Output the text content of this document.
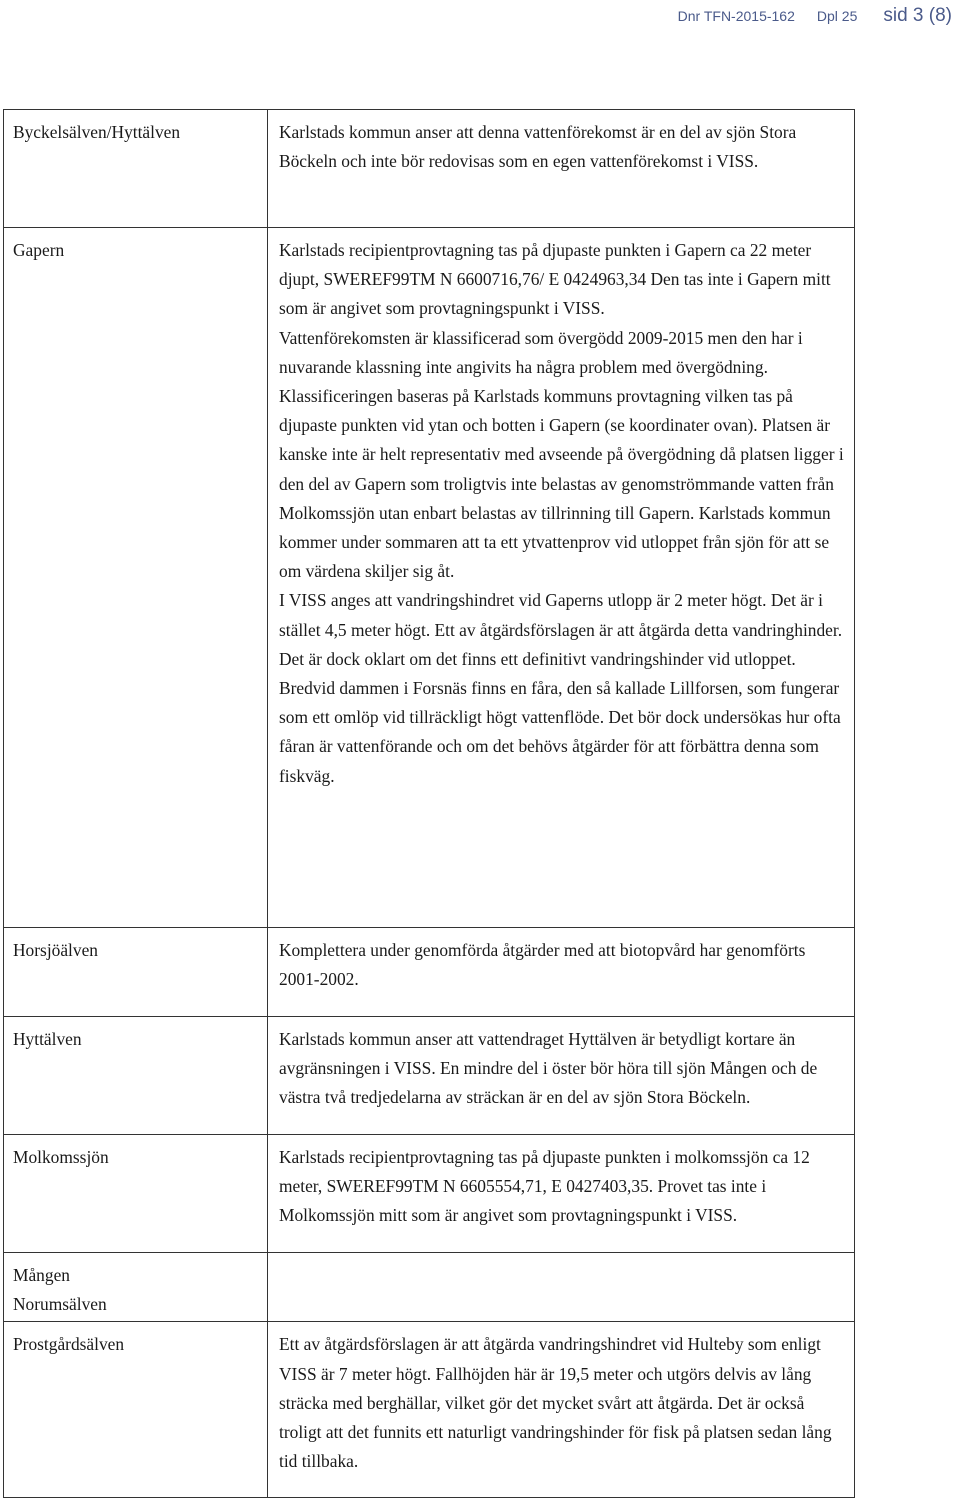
Dnr TFN-2015-162 Dpl 25 sid 3 (8)

Byckelsälven/Hyttälven	Karlstads kommun anser att denna vattenförekomst är en del av sjön Stora Böckeln och inte bör redovisas som en egen vattenförekomst i VISS.

Gapern	Karlstads recipientprovtagning tas på djupaste punkten i Gapern ca 22 meter djupt, SWEREF99TM N 6600716,76/ E 0424963,34 Den tas inte i Gapern mitt som är angivet som provtagningspunkt i VISS.

Vattenförekomsten är klassificerad som övergödd 2009-2015 men den har i nuvarande klassning inte angivits ha några problem med övergödning. Klassificeringen baseras på Karlstads kommuns provtagning vilken tas på djupaste punkten vid ytan och botten i Gapern (se koordinater ovan). Platsen är kanske inte är helt representativ med avseende på övergödning då platsen ligger i den del av Gapern som troligtvis inte belastas av genomströmmande vatten från Molkomssjön utan enbart belastas av tillrinning till Gapern. Karlstads kommun kommer under sommaren att ta ett ytvattenprov vid utloppet från sjön för att se om värdena skiljer sig åt.

I VISS anges att vandringshindret vid Gaperns utlopp är 2 meter högt. Det är i stället 4,5 meter högt. Ett av åtgärdsförslagen är att åtgärda detta vandringhinder. Det är dock oklart om det finns ett definitivt vandringshinder vid utloppet. Bredvid dammen i Forsnäs finns en fåra, den så kallade Lillforsen, som fungerar som ett omlöp vid tillräckligt högt vattenflöde. Det bör dock undersökas hur ofta fåran är vattenförande och om det behövs åtgärder för att förbättra denna som fiskväg.

Horsjöälven	Komplettera under genomförda åtgärder med att biotopvård har genomförts 2001-2002.

Hyttälven	Karlstads kommun anser att vattendraget Hyttälven är betydligt kortare än avgränsningen i VISS. En mindre del i öster bör höra till sjön Mången och de västra två tredjedelarna av sträckan är en del av sjön Stora Böckeln.

Molkomssjön	Karlstads recipientprovtagning tas på djupaste punkten i molkomssjön ca 12 meter, SWEREF99TM N 6605554,71, E 0427403,35. Provet tas inte i Molkomssjön mitt som är angivet som provtagningspunkt i VISS.

Mången

Norumsälven	

Prostgårdsälven	Ett av åtgärdsförslagen är att åtgärda vandringshindret vid Hulteby som enligt VISS är 7 meter högt. Fallhöjden här är 19,5 meter och utgörs delvis av lång sträcka med berghällar, vilket gör det mycket svårt att åtgärda. Det är också troligt att det funnits ett naturligt vandringshinder för fisk på platsen sedan lång tid tillbaka.
